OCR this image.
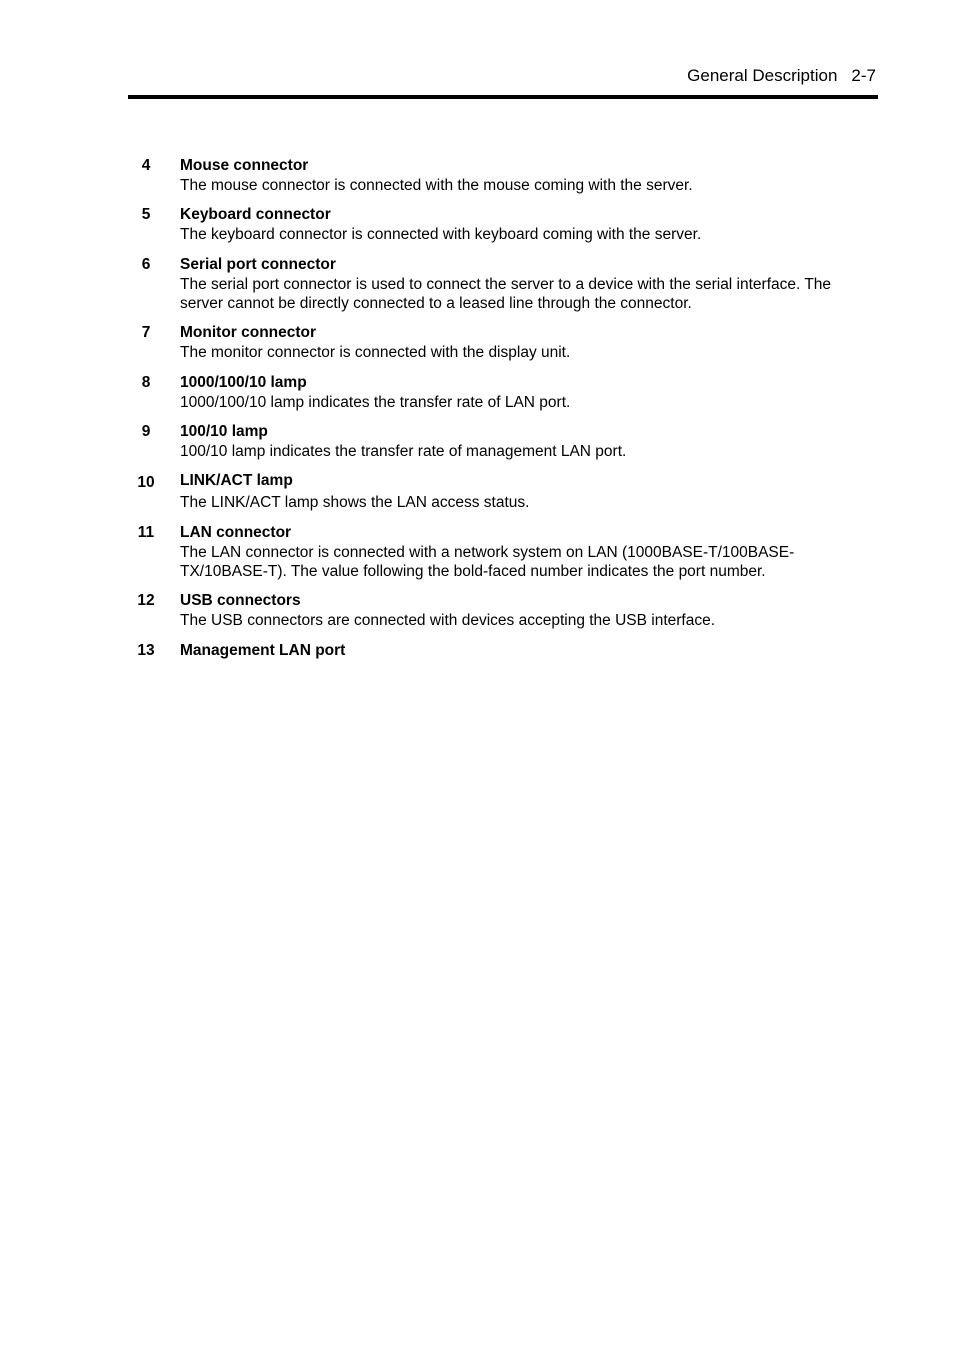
General Description 2-7
4	Mouse connector
The mouse connector is connected with the mouse coming with the server.
5	Keyboard connector
The keyboard connector is connected with keyboard coming with the server.
6	Serial port connector
The serial port connector is used to connect the server to a device with the serial interface. The
server cannot be directly connected to a leased line through the connector.
7	Monitor connector
The monitor connector is connected with the display unit.
8	1000/100/10 lamp
1000/100/10 lamp indicates the transfer rate of LAN port.
9	100/10 lamp
100/10 lamp indicates the transfer rate of management LAN port.
10	LINK/ACT lamp
The LINK/ACT lamp shows the LAN access status.
11	LAN connector
The LAN connector is connected with a network system on LAN (1000BASE-T/100BASE-
TX/10BASE-T). The value following the bold-faced number indicates the port number.
12	USB connectors
The USB connectors are connected with devices accepting the USB interface.
13	Management LAN port
